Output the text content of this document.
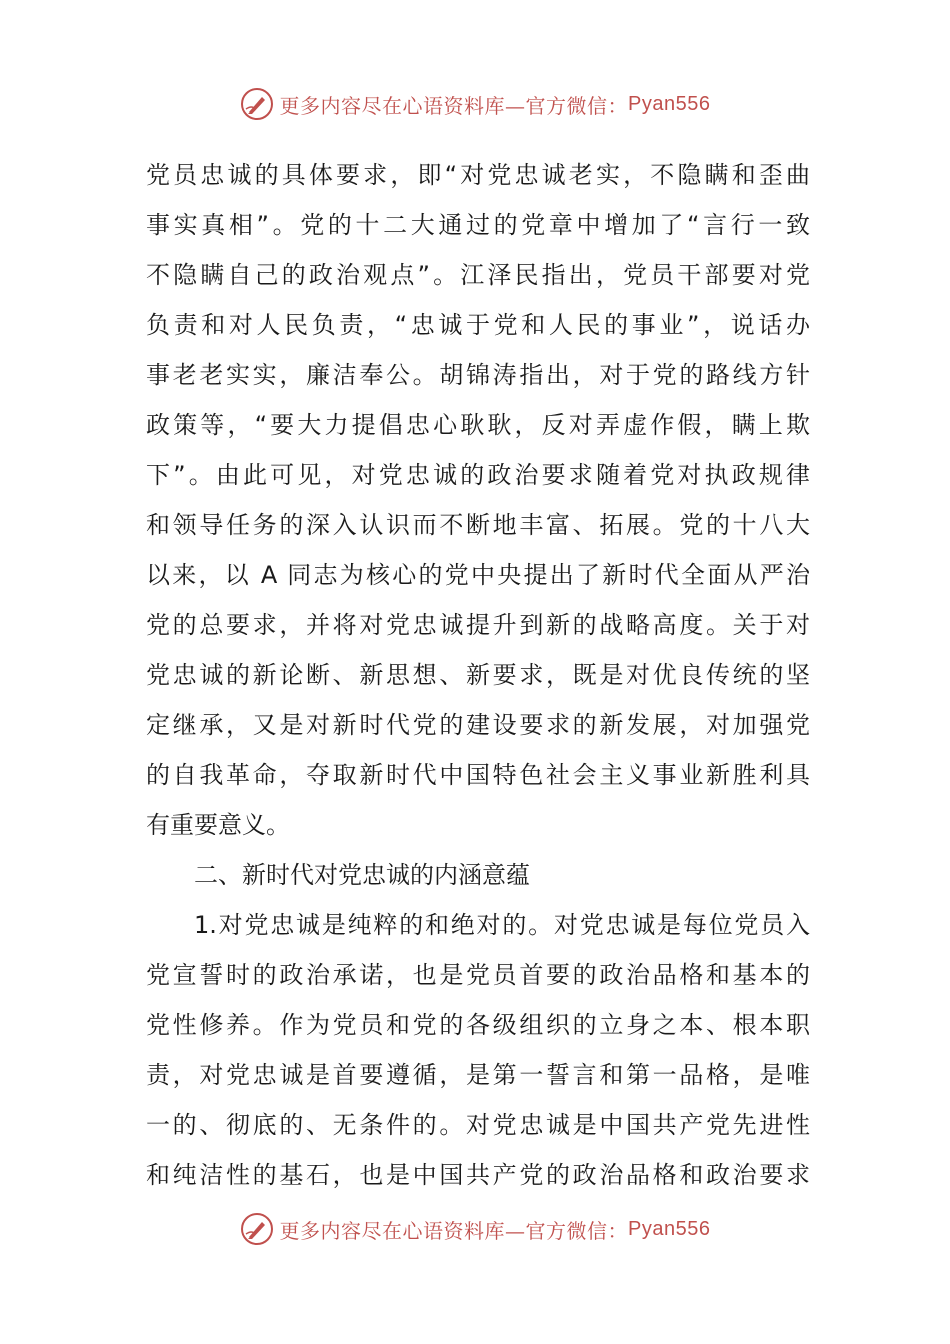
更多内容尽在心语资料库—官方微信： Pyan556
党员忠诚的具体要求，即“对党忠诚老实，不隐瞒和歪曲
事实真相”。党的十二大通过的党章中增加了“言行一致
不隐瞒自己的政治观点”。江泽民指出，党员干部要对党
负责和对人民负责，“忠诚于党和人民的事业”，说话办
事老老实实，廉洁奉公。胡锦涛指出，对于党的路线方针
政策等，“要大力提倡忠心耿耿，反对弄虚作假，瞒上欺
下”。由此可见，对党忠诚的政治要求随着党对执政规律
和领导任务的深入认识而不断地丰富、拓展。党的十八大
以来，以 A 同志为核心的党中央提出了新时代全面从严治
党的总要求，并将对党忠诚提升到新的战略高度。关于对
党忠诚的新论断、新思想、新要求，既是对优良传统的坚
定继承，又是对新时代党的建设要求的新发展，对加强党
的自我革命，夺取新时代中国特色社会主义事业新胜利具
有重要意义。
二、新时代对党忠诚的内涵意蕴
1.对党忠诚是纯粹的和绝对的。对党忠诚是每位党员入
党宣誓时的政治承诺，也是党员首要的政治品格和基本的
党性修养。作为党员和党的各级组织的立身之本、根本职
责，对党忠诚是首要遵循，是第一誓言和第一品格，是唯
一的、彻底的、无条件的。对党忠诚是中国共产党先进性
和纯洁性的基石，也是中国共产党的政治品格和政治要求
更多内容尽在心语资料库—官方微信： Pyan556
